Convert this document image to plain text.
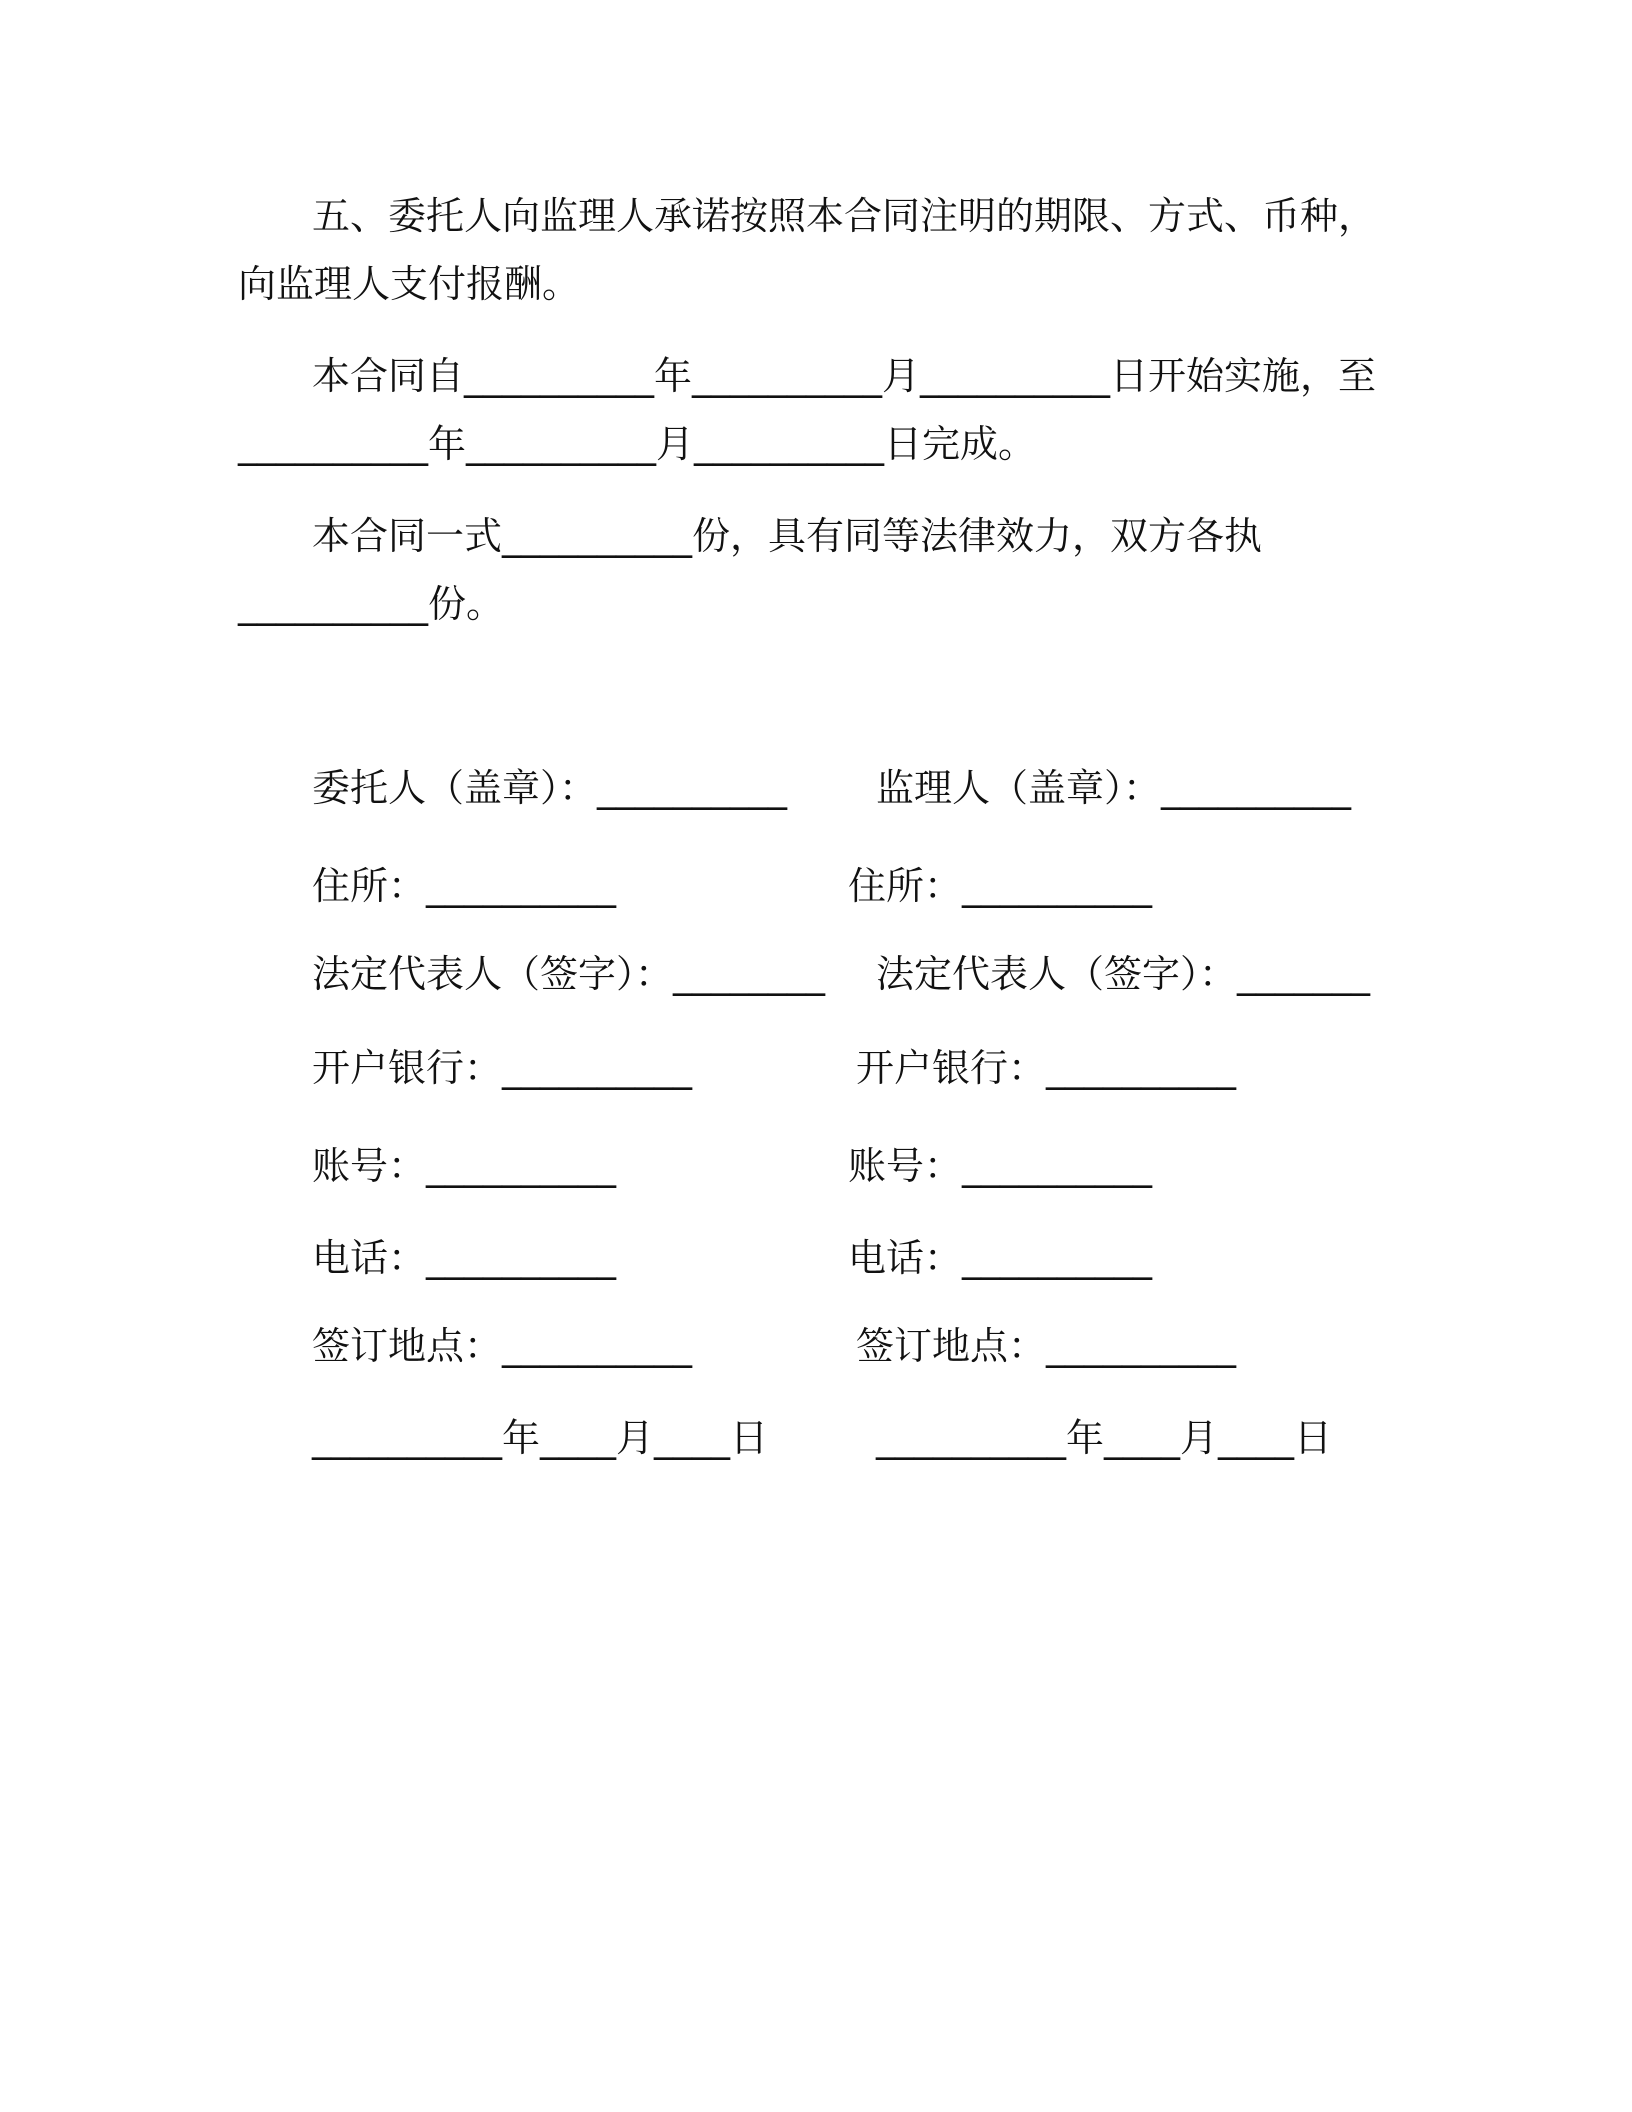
五、委托人向监理人承诺按照本合同注明的期限、方式、币种，
向监理人支付报酬。
本合同自__________年__________月__________日开始实施，至
__________年__________月__________日完成。
本合同一式__________份，具有同等法律效力，双方各执
__________份。
委托人（盖章）：__________ 监理人（盖章）：__________
住所：__________	住所：__________
法定代表人（签字）：________ 法定代表人（签字）：_______
开户银行：__________	开户银行：__________
账号：__________	账号：__________
电话：__________	电话：__________
签订地点：__________	签订地点：__________
__________年____月____日	__________年____月____日
